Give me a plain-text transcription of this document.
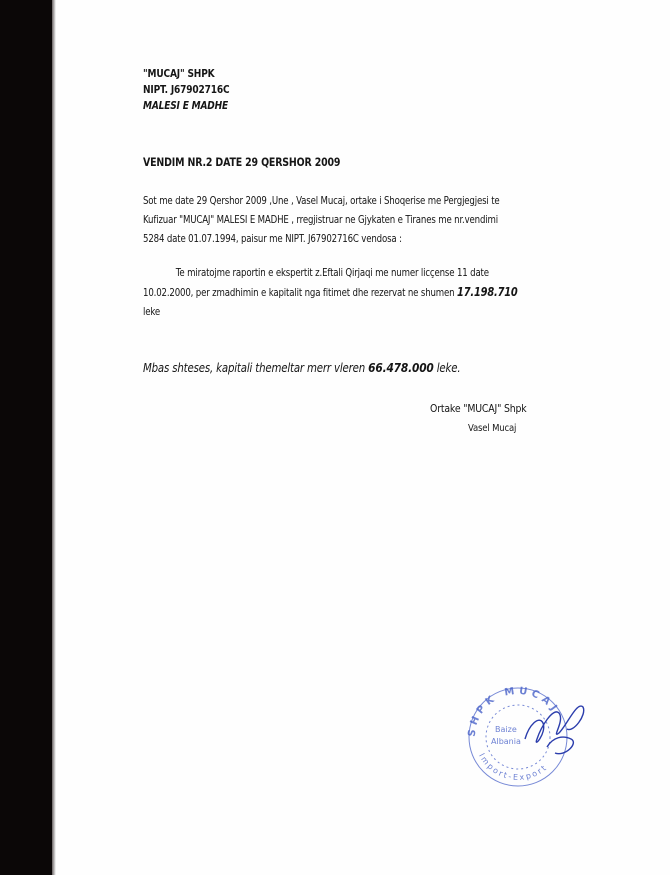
"MUCAJ" SHPK
NIPT. J67902716C
MALESI E MADHE
VENDIM NR.2 DATE 29 QERSHOR 2009
Sot me date 29 Qershor 2009 ,Une , Vasel Mucaj, ortake i Shoqerise me Pergjegjesi te
Kufizuar "MUCAJ" MALESI E MADHE , rregjistruar ne Gjykaten e Tiranes me nr.vendimi
5284 date 01.07.1994, paisur me NIPT. J67902716C vendosa :
Te miratojme raportin e ekspertit z.Eftali Qirjaqi me numer licçense 11 date
10.02.2000, per zmadhimin e kapitalit nga fitimet dhe rezervat ne shumen 17.198.710
leke
Mbas shteses, kapitali themeltar merr vleren 66.478.000 leke.
Ortake "MUCAJ" Shpk
Vasel Mucaj
SHPK MUCAJ
Import-Export
Baize
Albania
